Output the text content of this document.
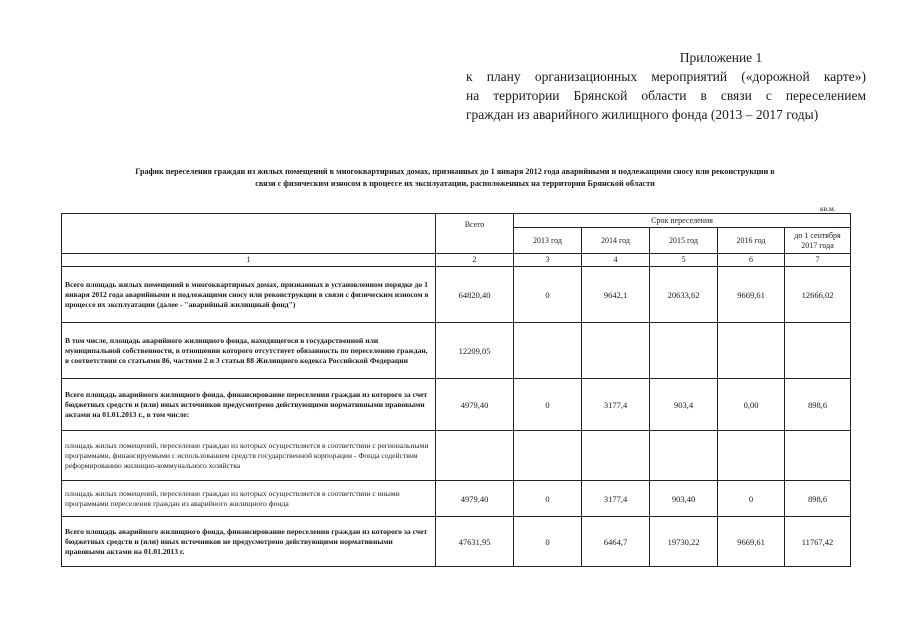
Приложение 1
к плану организационных мероприятий («дорожной карте»)
на территории Брянской области в связи с переселением
граждан из аварийного жилищного фонда (2013 – 2017 годы)
График переселения граждан из жилых помещений в многоквартирных домах, признанных до 1 января 2012 года аварийными и подлежащими сносу или реконструкции в
связи с физическим износом в процессе их эксплуатации, расположенных на территории Брянской области
кв.м.
	Всего	Срок переселения				
		2013 год	2014 год	2015 год	2016 год	до 1 сентября 2017 года
1	2	3	4	5	6	7
Всего площадь жилых помещений в многоквартирных домах, признанных в установленном порядке до 1 января 2012 года аварийными и подлежащими сносу или реконструкции в связи с физическим износом в процессе их эксплуатации (далее - "аварийный жилищный фонд")	64820,40	0	9642,1	20633,62	9669,61	12666,02
В том числе, площадь аварийного жилищного фонда, находящегося в государственной или муниципальной собственности, в отношении которого отсутствует обязанность по переселению граждан, в соответствии со статьями 86, частями 2 и 3 статьи 88 Жилищного кодекса Российской Федерации	12209,05					
Всего площадь аварийного жилищного фонда, финансирование переселения граждан из которого за счет бюджетных средств и (или) иных источников предусмотрено действующими нормативными правовыми актами на 01.01.2013 г., в том числе:	4979,40	0	3177,4	903,4	0,00	898,6
площадь жилых помещений, переселение граждан из которых осуществляется в соответствии с региональными программами, финансируемыми с использованием средств государственной корпорации - Фонда содействия реформированию жилищно-коммунального хозяйства						
площадь жилых помещений, переселение граждан из которых осуществляется в соответствии с иными программами переселения граждан из аварийного жилищного фонда	4979,40	0	3177,4	903,40	0	898,6
Всего площадь аварийного жилищного фонда, финансирование переселения граждан из которого за счет бюджетных средств и (или) иных источников не предусмотрено действующими нормативными правовыми актами на 01.01.2013 г.	47631,95	0	6464,7	19730,22	9669,61	11767,42
